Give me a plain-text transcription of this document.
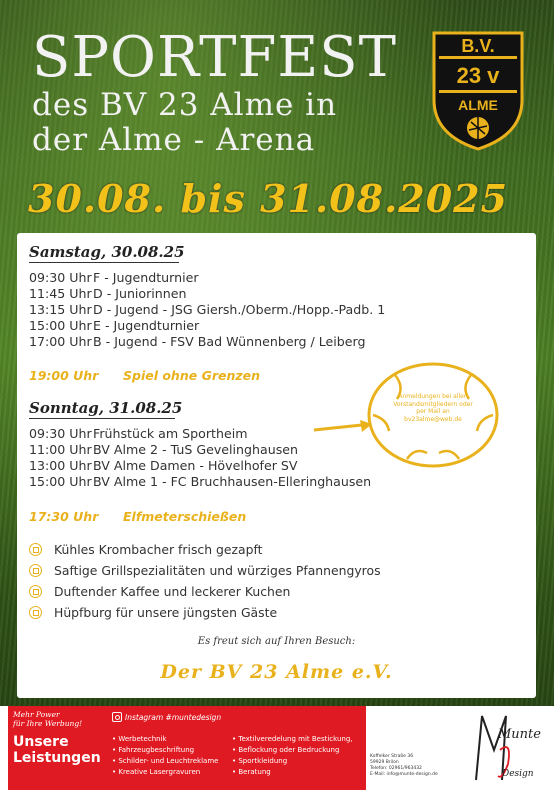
SPORTFEST
des BV 23 Alme in
der Alme - Arena
B.V.
23 v
ALME
30.08. bis 31.08.2025
Samstag, 30.08.25
09:30 Uhr F - Jugendturnier
11:45 Uhr D - Juniorinnen
13:15 Uhr D - Jugend - JSG Giersh./Oberm./Hopp.-Padb. 1
15:00 Uhr E - Jugendturnier
17:00 Uhr B - Jugend - FSV Bad Wünnenberg / Leiberg
19:00 Uhr Spiel ohne Grenzen
Sonntag, 31.08.25
09:30 Uhr Frühstück am Sportheim
11:00 Uhr BV Alme 2 - TuS Gevelinghausen
13:00 Uhr BV Alme Damen - Hövelhofer SV
15:00 Uhr BV Alme 1 - FC Bruchhausen-Elleringhausen
17:30 Uhr Elfmeterschießen
Anmeldungen bei allen
Vorstandsmitgliedern oder
per Mail an
bv23alme@web.de
Kühles Krombacher frisch gezapft
Saftige Grillspezialitäten und würziges Pfannengyros
Duftender Kaffee und leckerer Kuchen
Hüpfburg für unsere jüngsten Gäste
Es freut sich auf Ihren Besuch:
Der BV 23 Alme e.V.
Mehr Power
für Ihre Werbung!
Unsere
Leistungen
Instagram #muntedesign
• Werbetechnik
• Fahrzeugbeschriftung
• Schilder- und Leuchtreklame
• Kreative Lasergravuren
• Textilveredelung mit Bestickung,
• Beflockung oder Bedruckung
• Sportkleidung
• Beratung
Koffelker Straße 36
59929 Brilon
Telefon: 02961/963432
E-Mail: info@munte-design.de
Munte
Design
